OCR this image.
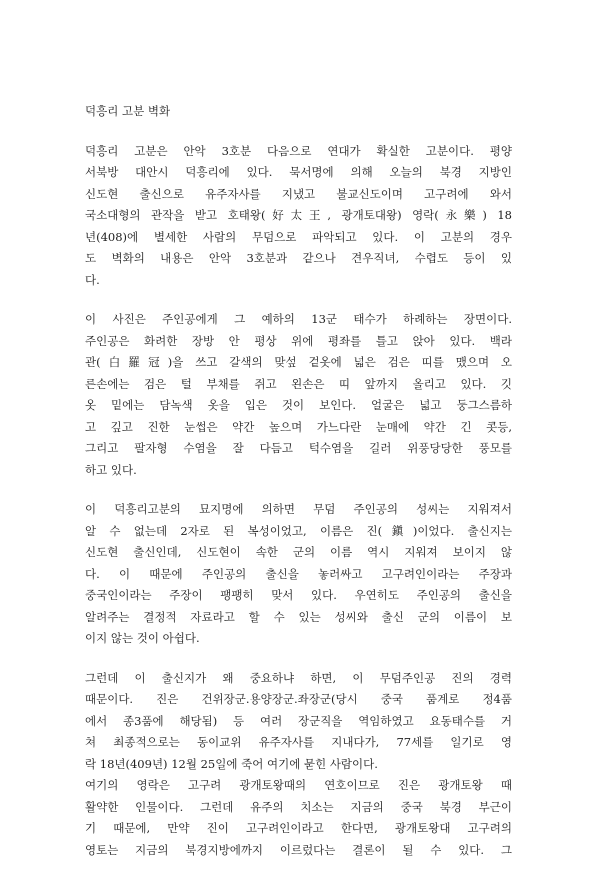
덕흥리 고분 벽화
덕흥리 고분은 안악 3호분 다음으로 연대가 확실한 고분이다. 평양
서북방 대안시 덕흥리에 있다. 묵서명에 의해 오늘의 북경 지방인
신도현 출신으로 유주자사를 지냈고 불교신도이며 고구려에 와서
국소대형의 관작을 받고 호태왕(好太王, 광개토대왕) 영락(永樂) 18
년(408)에 별세한 사람의 무덤으로 파악되고 있다. 이 고분의 경우
도 벽화의 내용은 안악 3호분과 같으나 견우직녀, 수렵도 등이 있
다.
이 사진은 주인공에게 그 예하의 13군 태수가 하례하는 장면이다.
주인공은 화려한 장방 안 평상 위에 평좌를 틀고 앉아 있다. 백라
관(白羅冠)을 쓰고 갈색의 맞섶 겉옷에 넓은 검은 띠를 맸으며 오
른손에는 검은 털 부채를 쥐고 왼손은 띠 앞까지 올리고 있다. 깃
옷 밑에는 담녹색 옷을 입은 것이 보인다. 얼굴은 넓고 둥그스름하
고 깊고 진한 눈썹은 약간 높으며 가느다란 눈매에 약간 긴 콧등,
그리고 팔자형 수염을 잘 다듬고 턱수염을 길러 위풍당당한 풍모를
하고 있다.
이 덕흥리고분의 묘지명에 의하면 무덤 주인공의 성씨는 지워져서
알 수 없는데 2자로 된 복성이었고, 이름은 진(鎭)이었다. 출신지는
신도현 출신인데, 신도현이 속한 군의 이름 역시 지워져 보이지 않
다. 이 때문에 주인공의 출신을 놓러싸고 고구려인이라는 주장과
중국인이라는 주장이 팽팽히 맞서 있다. 우연히도 주인공의 출신을
알려주는 결정적 자료라고 할 수 있는 성씨와 출신 군의 이름이 보
이지 않는 것이 아쉽다.
그런데 이 출신지가 왜 중요하냐 하면, 이 무덤주인공 진의 경력
때문이다. 진은 건위장군.용양장군.좌장군(당시 중국 품계로 정4품
에서 종3품에 해당됨) 등 여러 장군직을 역임하였고 요동태수를 거
쳐 최종적으로는 동이교위 유주자사를 지내다가, 77세를 일기로 영
락 18년(409년) 12월 25일에 죽어 여기에 묻힌 사람이다.
여기의 영락은 고구려 광개토왕때의 연호이므로 진은 광개토왕 때
활약한 인물이다. 그런데 유주의 치소는 지금의 중국 북경 부근이
기 때문에, 만약 진이 고구려인이라고 한다면, 광개토왕대 고구려의
영토는 지금의 북경지방에까지 이르렀다는 결론이 될 수 있다. 그
